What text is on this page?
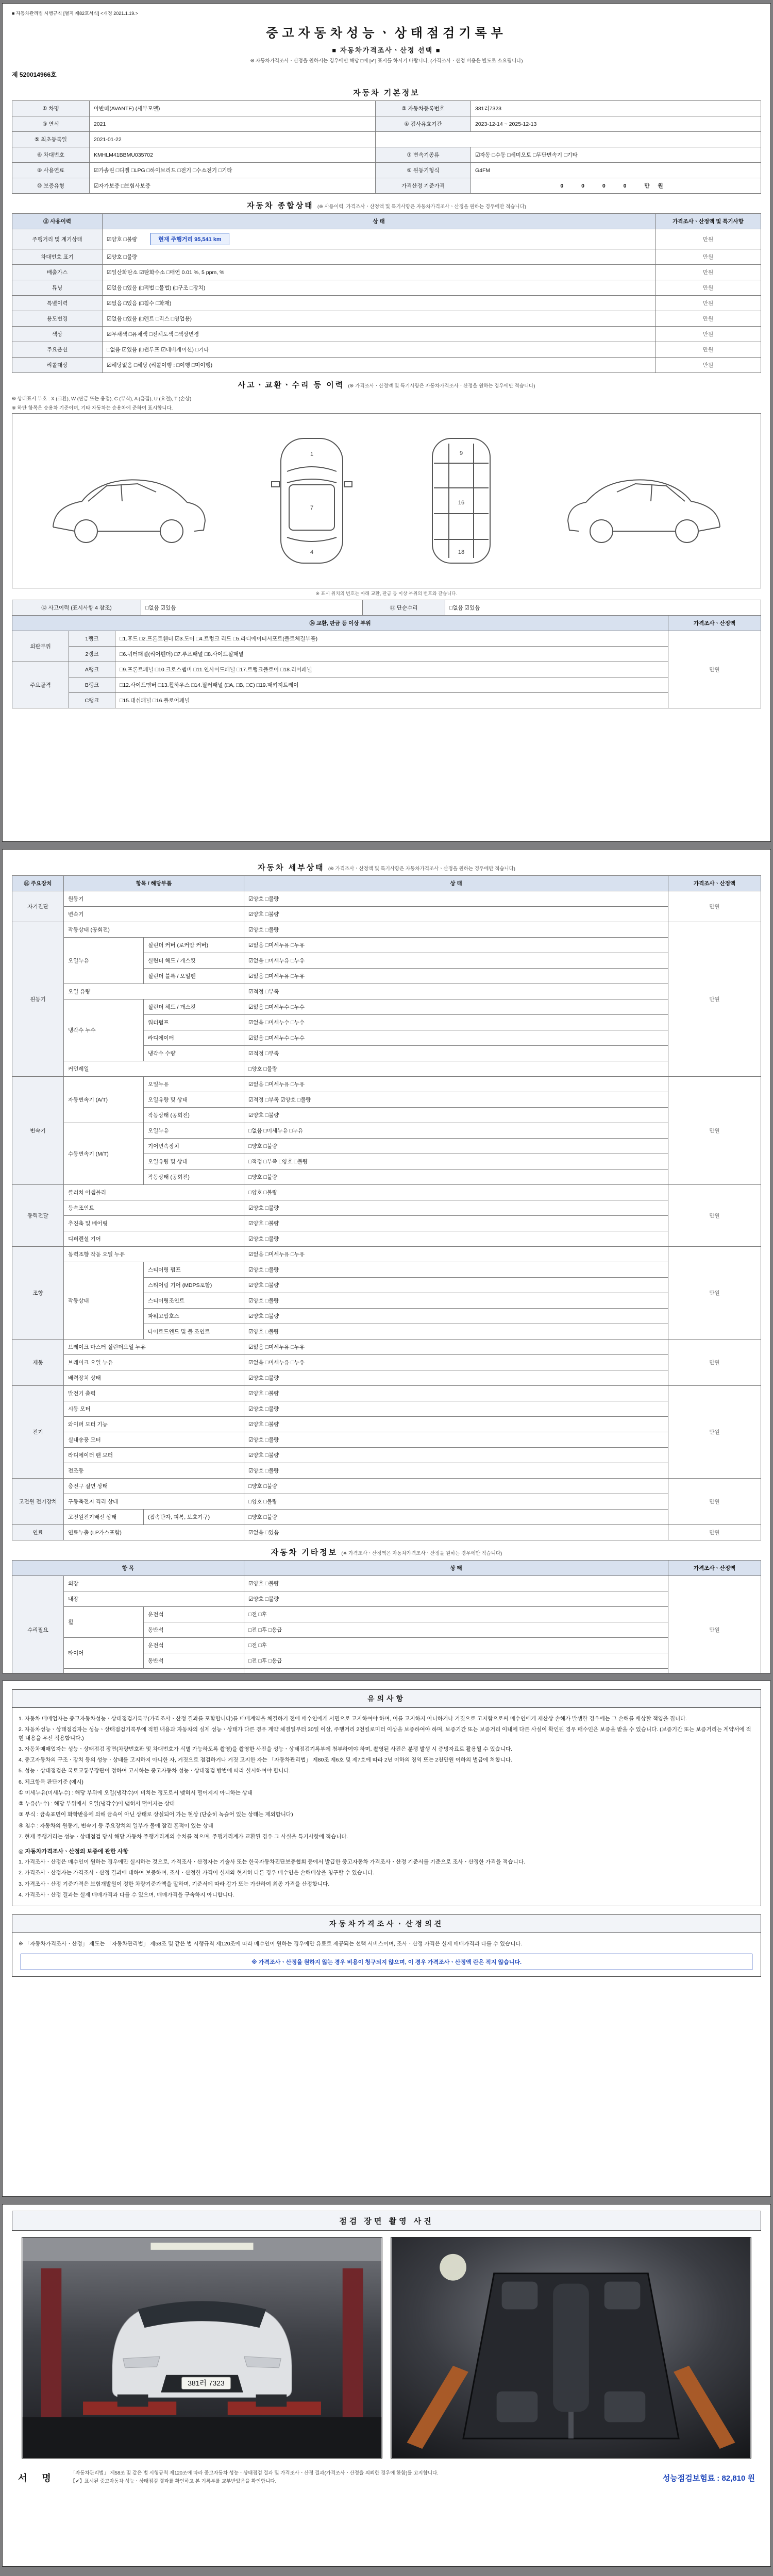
■ 자동차관리법 시행규칙 [별지 제82호서식] <개정 2021.1.19.>
중고자동차성능ㆍ상태점검기록부
■ 자동차가격조사ㆍ산정 선택 ■
※ 자동차가격조사ㆍ산정을 원하시는 경우에만 해당 □에 [✔] 표시를 하시기 바랍니다. (가격조사ㆍ산정 비용은 별도로 소요됩니다)
제 520014966호
자동차 기본정보
① 차명	아반떼(AVANTE) (세부모델)	② 자동차등록번호	381러7323
③ 연식	2021	④ 검사유효기간	2023-12-14 ~ 2025-12-13
⑤ 최초등록일	2021-01-22		
⑥ 차대번호	KMHLM41BBMU035702	⑦ 변속기종류	☑자동 □수동 □세미오토 □무단변속기 □기타
⑧ 사용연료	☑가솔린 □디젤 □LPG □하이브리드 □전기 □수소전기 □기타	⑨ 원동기형식	G4FM
⑩ 보증유형	☑자가보증 □보험사보증	가격산정 기준가격	0 0 0 0 만원
자동차 종합상태 (※ 사용이력, 가격조사ㆍ산정액 및 특기사항은 자동차가격조사ㆍ산정을 원하는 경우에만 적습니다)
⑪ 사용이력	상 태	가격조사ㆍ산정액 및 특기사항
주행거리 및 계기상태	☑양호 □불량 현재 주행거리 95,541 km	만원
차대번호 표기	☑양호 □불량	만원
배출가스	☑일산화탄소 ☑탄화수소 □매연 0.01 %, 5 ppm, %	만원
튜닝	☑없음 □있음 (□적법 □불법) (□구조 □장치)	만원
특별이력	☑없음 □있음 (□침수 □화재)	만원
용도변경	☑없음 □있음 (□렌트 □리스 □영업용)	만원
색상	☑무채색 □유채색 □전체도색 □색상변경	만원
주요옵션	□없음 ☑있음 (□썬루프 ☑네비게이션) □기타	만원
리콜대상	☑해당없음 □해당 (리콜이행 : □이행 □미이행)	만원
사고ㆍ교환ㆍ수리 등 이력 (※ 가격조사ㆍ산정액 및 특기사항은 자동차가격조사ㆍ산정을 원하는 경우에만 적습니다)
※ 상태표시 부호 : X (교환), W (판금 또는 용접), C (부식), A (흠집), U (요철), T (손상)
※ 하단 항목은 승용차 기준이며, 기타 자동차는 승용차에 준하여 표시합니다.
1
7
4
9
16
18
※ 표시 위치의 번호는 아래 교환, 판금 등 이상 부위의 번호와 같습니다.
⑫ 사고이력 (표시사항 4 참조)	□없음 ☑있음	⑬ 단순수리	□없음 ☑있음
⑭ 교환, 판금 등 이상 부위			가격조사ㆍ산정액
외판부위	1랭크	□1.후드 □2.프론트휀더 ☑3.도어 □4.트렁크 리드 □5.라디에이터서포트(볼트체결부품)	만원
	2랭크	□6.쿼터패널(리어휀더) □7.루프패널 □8.사이드실패널	
주요골격	A랭크	□9.프론트패널 □10.크로스멤버 □11.인사이드패널 □17.트렁크플로어 □18.리어패널	
	B랭크	□12.사이드멤버 □13.휠하우스 □14.필러패널 (□A, □B, □C) □19.패키지트레이	
	C랭크	□15.대쉬패널 □16.플로어패널	
자동차 세부상태 (※ 가격조사ㆍ산정액 및 특기사항은 자동차가격조사ㆍ산정을 원하는 경우에만 적습니다)
⑯ 주요장치	항목 / 해당부품		상 태	가격조사ㆍ산정액
자기진단	원동기		☑양호 □불량	만원
	변속기		☑양호 □불량	
원동기	작동상태 (공회전)		☑양호 □불량	만원
	오일누유	실린더 커버 (로커암 커버)	☑없음 □미세누유 □누유	
		실린더 헤드 / 개스킷	☑없음 □미세누유 □누유	
		실린더 블록 / 오일팬	☑없음 □미세누유 □누유	
	오일 유량		☑적정 □부족	
	냉각수 누수	실린더 헤드 / 개스킷	☑없음 □미세누수 □누수	
		워터펌프	☑없음 □미세누수 □누수	
		라디에이터	☑없음 □미세누수 □누수	
		냉각수 수량	☑적정 □부족	
	커먼레일		□양호 □불량	
변속기	자동변속기 (A/T)	오일누유	☑없음 □미세누유 □누유	만원
		오일유량 및 상태	☑적정 □부족 ☑양호 □불량	
		작동상태 (공회전)	☑양호 □불량	
	수동변속기 (M/T)	오일누유	□없음 □미세누유 □누유	
		기어변속장치	□양호 □불량	
		오일유량 및 상태	□적정 □부족 □양호 □불량	
		작동상태 (공회전)	□양호 □불량	
동력전달	클러치 어셈블리		□양호 □불량	만원
	등속조인트		☑양호 □불량	
	추진축 및 베어링		☑양호 □불량	
	디퍼렌셜 기어		☑양호 □불량	
조향	동력조향 작동 오일 누유		☑없음 □미세누유 □누유	만원
	작동상태	스티어링 펌프	☑양호 □불량	
		스티어링 기어 (MDPS포함)	☑양호 □불량	
		스티어링조인트	☑양호 □불량	
		파워고압호스	☑양호 □불량	
		타이로드엔드 및 볼 조인트	☑양호 □불량	
제동	브레이크 마스터 실린더오일 누유		☑없음 □미세누유 □누유	만원
	브레이크 오일 누유		☑없음 □미세누유 □누유	
	배력장치 상태		☑양호 □불량	
전기	발전기 출력		☑양호 □불량	만원
	시동 모터		☑양호 □불량	
	와이퍼 모터 기능		☑양호 □불량	
	실내송풍 모터		☑양호 □불량	
	라디에이터 팬 모터		☑양호 □불량	
	전조등		☑양호 □불량	
고전원 전기장치	충전구 절연 상태		□양호 □불량	만원
	구동축전지 격리 상태		□양호 □불량	
	고전원전기배선 상태	(접속단자, 피복, 보호기구)	□양호 □불량	
연료	연료누출 (LP가스포함)		☑없음 □있음	만원
자동차 기타정보 (※ 가격조사ㆍ산정액은 자동차가격조사ㆍ산정을 원하는 경우에만 적습니다)
항 목			상 태	가격조사ㆍ산정액
수리필요	외장		☑양호 □불량	만원
	내장		☑양호 □불량	
	휠	운전석	□전 □후	
		동반석	□전 □후 □응급	
	타이어	운전석	□전 □후	
		동반석	□전 □후 □응급	

유의사항

1. 자동차 매매업자는 중고자동차성능ㆍ상태점검기록부(가격조사ㆍ산정 결과를 포함합니다)를 매매계약을 체결하기 전에 매수인에게 서면으로 고지하여야 하며, 이를 고지하지 아니하거나 거짓으로 고지함으로써 매수인에게 재산상 손해가 발생한 경우에는 그 손해를 배상할 책임을 집니다.

2. 자동차성능ㆍ상태점검자는 성능ㆍ상태점검기록부에 적힌 내용과 자동차의 실제 성능ㆍ상태가 다른 경우 계약 체결일부터 30일 이상, 주행거리 2천킬로미터 이상을 보증하여야 하며, 보증기간 또는 보증거리 이내에 다른 사실이 확인된 경우 매수인은 보증을 받을 수 있습니다. (보증기간 또는 보증거리는 계약서에 적힌 내용을 우선 적용합니다.)

3. 자동차매매업자는 성능ㆍ상태점검 장면(차량번호판 및 차대번호가 식별 가능하도록 촬영)을 촬영한 사진을 성능ㆍ상태점검기록부에 첨부하여야 하며, 촬영된 사진은 분쟁 발생 시 증빙자료로 활용될 수 있습니다.

4. 중고자동차의 구조ㆍ장치 등의 성능ㆍ상태를 고지하지 아니한 자, 거짓으로 점검하거나 거짓 고지한 자는 「자동차관리법」 제80조 제6호 및 제7호에 따라 2년 이하의 징역 또는 2천만원 이하의 벌금에 처합니다.

5. 성능ㆍ상태점검은 국토교통부장관이 정하여 고시하는 중고자동차 성능ㆍ상태점검 방법에 따라 실시하여야 합니다.

6. 체크항목 판단기준 (예시)

① 미세누유(미세누수) : 해당 부위에 오일(냉각수)이 비치는 정도로서 맺혀서 떨어지지 아니하는 상태

② 누유(누수) : 해당 부위에서 오일(냉각수)이 맺혀서 떨어지는 상태

③ 부식 : 금속표면이 화학반응에 의해 금속이 아닌 상태로 상실되어 가는 현상 (단순히 녹슬어 있는 상태는 제외합니다)

④ 침수 : 자동차의 원동기, 변속기 등 주요장치의 일부가 물에 잠긴 흔적이 있는 상태

7. 현재 주행거리는 성능ㆍ상태점검 당시 해당 자동차 주행거리계의 수치를 적으며, 주행거리계가 교환된 경우 그 사실을 특기사항에 적습니다.

◎ 자동차가격조사ㆍ산정의 보증에 관한 사항

1. 가격조사ㆍ산정은 매수인이 원하는 경우에만 실시하는 것으로, 가격조사ㆍ산정자는 기술사 또는 한국자동차진단보증협회 등에서 발급한 중고자동차 가격조사ㆍ산정 기준서를 기준으로 조사ㆍ산정한 가격을 적습니다.

2. 가격조사ㆍ산정자는 가격조사ㆍ산정 결과에 대하여 보증하며, 조사ㆍ산정한 가격이 실제와 현저히 다른 경우 매수인은 손해배상을 청구할 수 있습니다.

3. 가격조사ㆍ산정 기준가격은 보험개발원이 정한 차량기준가액을 말하며, 기준서에 따라 감가 또는 가산하여 최종 가격을 산정합니다.

4. 가격조사ㆍ산정 결과는 실제 매매가격과 다를 수 있으며, 매매가격을 구속하지 아니합니다.

자동차가격조사ㆍ산정의견

※ 「자동차가격조사ㆍ산정」 제도는 「자동차관리법」 제58조 및 같은 법 시행규칙 제120조에 따라 매수인이 원하는 경우에만 유료로 제공되는 선택 서비스이며, 조사ㆍ산정 가격은 실제 매매가격과 다를 수 있습니다.

※ 가격조사ㆍ산정을 원하지 않는 경우 비용이 청구되지 않으며, 이 경우 가격조사ㆍ산정액 란은 적지 않습니다.
점검 장면 촬영 사진
381러 7323
서 명	「자동차관리법」 제58조 및 같은 법 시행규칙 제120조에 따라 중고자동차 성능ㆍ상태점검 결과 및 가격조사ㆍ산정 결과(가격조사ㆍ산정을 의뢰한 경우에 한함)를 고지합니다.

【✔】표시된 중고자동차 성능ㆍ상태점검 결과를 확인하고 본 기록부를 교부받았음을 확인합니다.	성능점검보험료 : 82,810 원
